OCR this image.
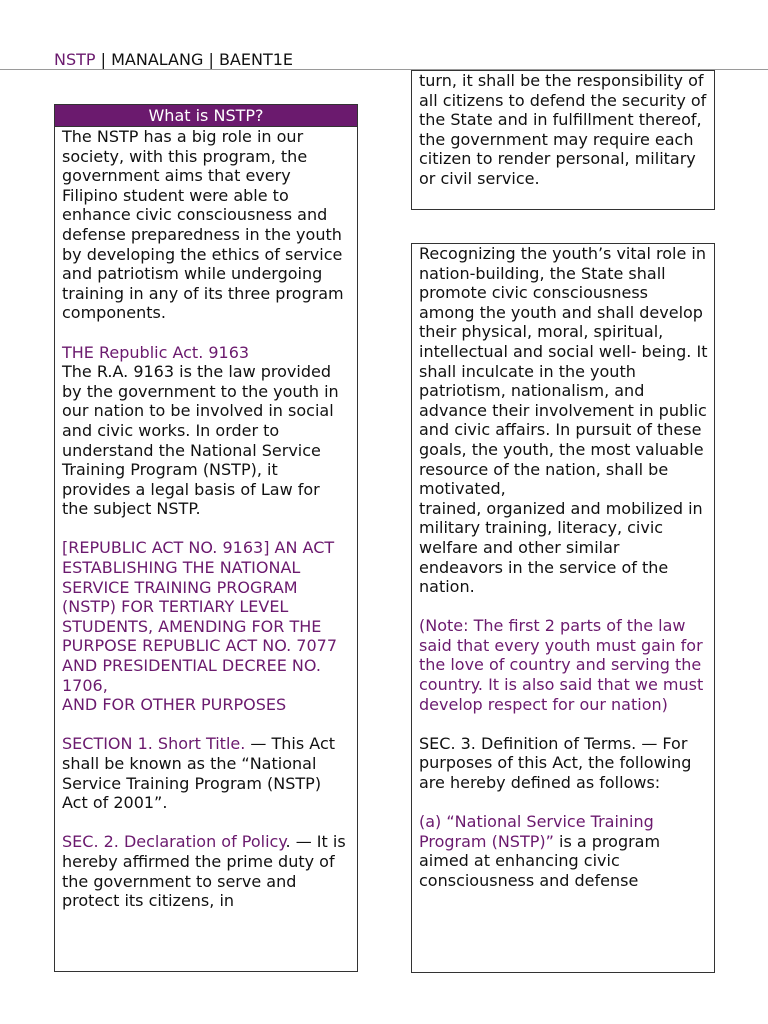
NSTP | MANALANG | BAENT1E
What is NSTP?

The NSTP has a big role in our society, with this program, the government aims that every Filipino student were able to enhance civic consciousness and defense preparedness in the youth by developing the ethics of service and patriotism while undergoing training in any of its three program components.

THE Republic Act. 9163

The R.A. 9163 is the law provided by the government to the youth in our nation to be involved in social and civic works. In order to understand the National Service Training Program (NSTP), it provides a legal basis of Law for the subject NSTP.

[REPUBLIC ACT NO. 9163] AN ACT ESTABLISHING THE NATIONAL SERVICE TRAINING PROGRAM (NSTP) FOR TERTIARY LEVEL STUDENTS, AMENDING FOR THE PURPOSE REPUBLIC ACT NO. 7077 AND PRESIDENTIAL DECREE NO. 1706,

AND FOR OTHER PURPOSES

SECTION 1. Short Title. — This Act shall be known as the “National Service Training Program (NSTP) Act of 2001”.

SEC. 2. Declaration of Policy. — It is hereby affirmed the prime duty of the government to serve and protect its citizens, in

turn, it shall be the responsibility of all citizens to defend the security of the State and in fulfillment thereof, the government may require each citizen to render personal, military or civil service.

Recognizing the youth’s vital role in nation-building, the State shall promote civic consciousness

among the youth and shall develop their physical, moral, spiritual, intellectual and social well- being. It shall inculcate in the youth patriotism, nationalism, and advance their involvement in public and civic affairs. In pursuit of these goals, the youth, the most valuable resource of the nation, shall be motivated,

trained, organized and mobilized in military training, literacy, civic welfare and other similar endeavors in the service of the nation.

(Note: The first 2 parts of the law said that every youth must gain for the love of country and serving the country. It is also said that we must develop respect for our nation)

SEC. 3. Definition of Terms. — For purposes of this Act, the following are hereby defined as follows:

(a) “National Service Training Program (NSTP)” is a program aimed at enhancing civic consciousness and defense
